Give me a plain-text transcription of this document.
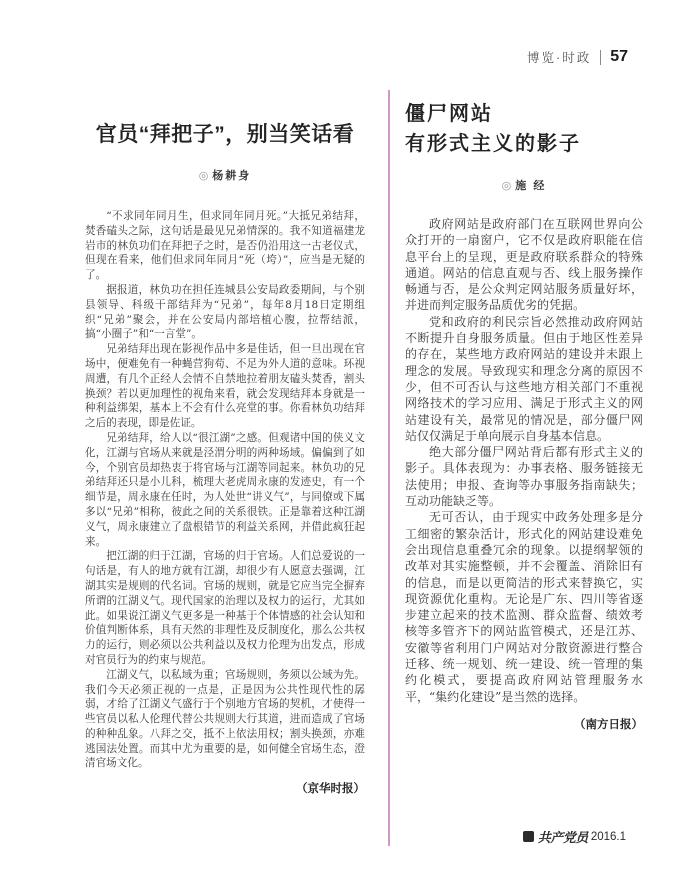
博览·时政 57
官员“拜把子”，别当笑话看
◎ 杨耕身

“不求同年同月生，但求同年同月死。”大抵兄弟结拜，焚香磕头之际，这句话是最见兄弟情深的。我不知道福建龙岩市的林负功们在拜把子之时，是否仍沿用这一古老仪式，但现在看来，他们但求同年同月“死（垮）”，应当是无疑的了。

据报道，林负功在担任连城县公安局政委期间，与个别县领导、科级干部结拜为“兄弟”，每年8月18日定期组织“兄弟”聚会，并在公安局内部培植心腹，拉帮结派，搞“小圈子”和“一言堂”。

兄弟结拜出现在影视作品中多是佳话，但一旦出现在官场中，便难免有一种蝇营狗苟、不足为外人道的意味。环视周遭，有几个正经人会情不自禁地拉着朋友磕头焚香，割头换颈？若以更加理性的视角来看，就会发现结拜本身就是一种利益绑架，基本上不会有什么亮堂的事。你看林负功结拜之后的表现，即是佐证。

兄弟结拜，给人以“很江湖”之感。但观诸中国的侠义文化，江湖与官场从来就是泾渭分明的两种场域。偏偏到了如今，个别官员却热衷于将官场与江湖等同起来。林负功的兄弟结拜还只是小儿科，梳理大老虎周永康的发迹史，有一个细节是，周永康在任时，为人处世“讲义气”，与同僚或下属多以“兄弟”相称，彼此之间的关系很铁。正是靠着这种江湖义气，周永康建立了盘根错节的利益关系网，并借此疯狂起来。

把江湖的归于江湖，官场的归于官场。人们总爱说的一句话是，有人的地方就有江湖，却很少有人愿意去强调，江湖其实是规则的代名词。官场的规则，就是它应当完全摒弃所谓的江湖义气。现代国家的治理以及权力的运行，尤其如此。如果说江湖义气更多是一种基于个体情感的社会认知和价值判断体系，具有天然的非理性及反制度化，那么公共权力的运行，则必须以公共利益以及权力伦理为出发点，形成对官员行为的约束与规范。

江湖义气，以私域为重；官场规则，务须以公域为先。我们今天必须正视的一点是，正是因为公共性现代性的孱弱，才给了江湖义气盛行于个别地方官场的契机，才使得一些官员以私人伦理代替公共规则大行其道，进而造成了官场的种种乱象。八拜之交，抵不上依法用权；割头换颈，亦难逃国法处置。而其中尤为重要的是，如何健全官场生态，澄清官场文化。

（京华时报）
僵尸网站
有形式主义的影子
◎ 施 经

政府网站是政府部门在互联网世界向公众打开的一扇窗户，它不仅是政府职能在信息平台上的呈现，更是政府联系群众的特殊通道。网站的信息直观与否、线上服务操作畅通与否，是公众判定网站服务质量好坏，并进而判定服务品质优劣的凭据。

党和政府的利民宗旨必然推动政府网站不断提升自身服务质量。但由于地区性差异的存在，某些地方政府网站的建设并未跟上理念的发展。导致现实和理念分离的原因不少，但不可否认与这些地方相关部门不重视网络技术的学习应用、满足于形式主义的网站建设有关，最常见的情况是，部分僵尸网站仅仅满足于单向展示自身基本信息。

绝大部分僵尸网站背后都有形式主义的影子。具体表现为：办事表格、服务链接无法使用；申报、查询等办事服务指南缺失；互动功能缺乏等。

无可否认，由于现实中政务处理多是分工细密的繁杂活计，形式化的网站建设难免会出现信息重叠冗余的现象。以提纲挈领的改革对其实施整顿，并不会覆盖、消除旧有的信息，而是以更简洁的形式来替换它，实现资源优化重构。无论是广东、四川等省逐步建立起来的技术监测、群众监督、绩效考核等多管齐下的网站监管模式，还是江苏、安徽等省利用门户网站对分散资源进行整合迁移、统一规划、统一建设、统一管理的集约化模式，要提高政府网站管理服务水平，“集约化建设”是当然的选择。

（南方日报）
共产党员 2016.1
